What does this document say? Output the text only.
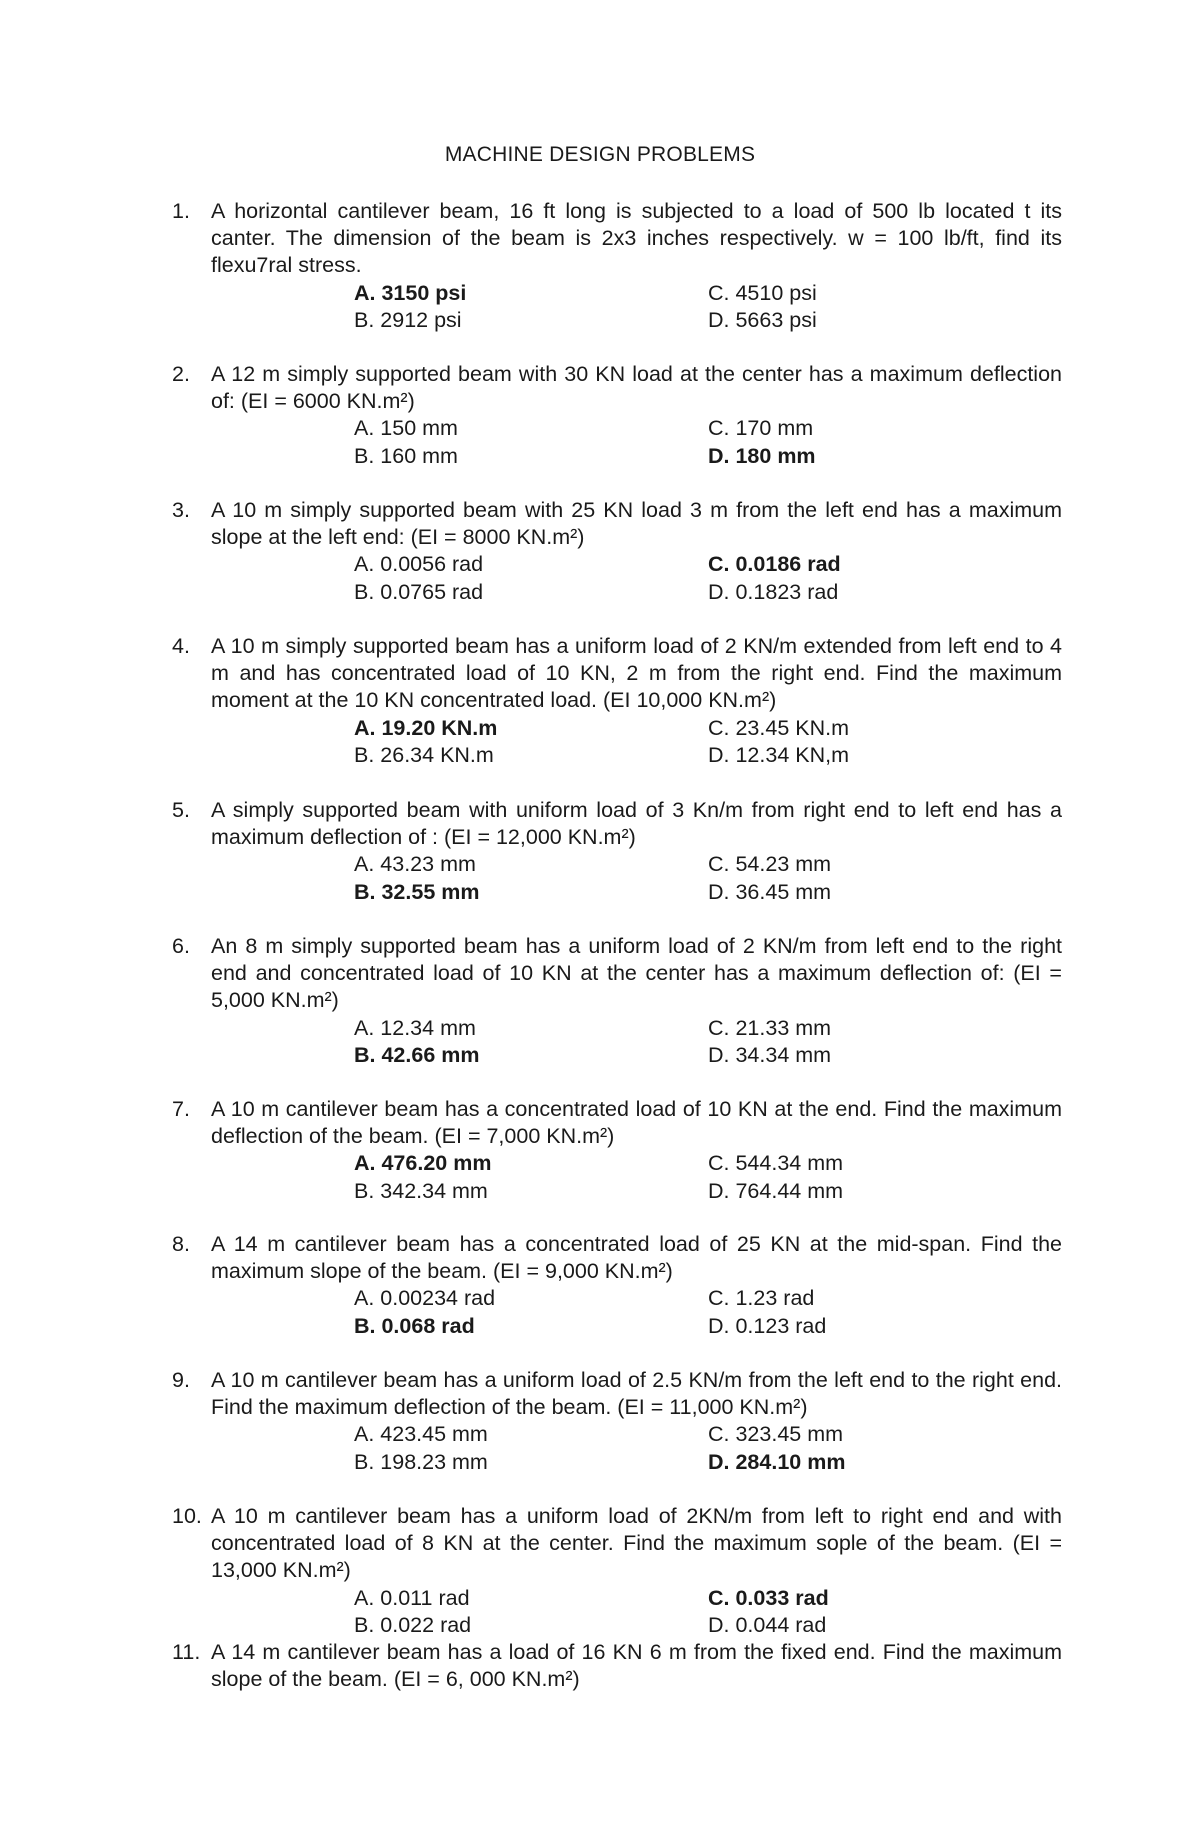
MACHINE DESIGN PROBLEMS
1. A horizontal cantilever beam, 16 ft long is subjected to a load of 500 lb located t its canter. The dimension of the beam is 2x3 inches respectively. w = 100 lb/ft, find its flexu7ral stress.
A. 3150 psi
B. 2912 psi
C. 4510 psi
D. 5663 psi
2. A 12 m simply supported beam with 30 KN load at the center has a maximum deflection of: (EI = 6000 KN.m²)
A. 150 mm
B. 160 mm
C. 170 mm
D. 180 mm
3. A 10 m simply supported beam with 25 KN load 3 m from the left end has a maximum slope at the left end: (EI = 8000 KN.m²)
A. 0.0056 rad
B. 0.0765 rad
C. 0.0186 rad
D. 0.1823 rad
4. A 10 m simply supported beam has a uniform load of 2 KN/m extended from left end to 4 m and has concentrated load of 10 KN, 2 m from the right end. Find the maximum moment at the 10 KN concentrated load. (EI 10,000 KN.m²)
A. 19.20 KN.m
B. 26.34 KN.m
C. 23.45 KN.m
D. 12.34 KN,m
5. A simply supported beam with uniform load of 3 Kn/m from right end to left end has a maximum deflection of : (EI = 12,000 KN.m²)
A. 43.23 mm
B. 32.55 mm
C. 54.23 mm
D. 36.45 mm
6. An 8 m simply supported beam has a uniform load of 2 KN/m from left end to the right end and concentrated load of 10 KN at the center has a maximum deflection of: (EI = 5,000 KN.m²)
A. 12.34 mm
B. 42.66 mm
C. 21.33 mm
D. 34.34 mm
7. A 10 m cantilever beam has a concentrated load of 10 KN at the end. Find the maximum deflection of the beam. (EI = 7,000 KN.m²)
A. 476.20 mm
B. 342.34 mm
C. 544.34 mm
D. 764.44 mm
8. A 14 m cantilever beam has a concentrated load of 25 KN at the mid-span. Find the maximum slope of the beam. (EI = 9,000 KN.m²)
A. 0.00234 rad
B. 0.068 rad
C. 1.23 rad
D. 0.123 rad
9. A 10 m cantilever beam has a uniform load of 2.5 KN/m from the left end to the right end. Find the maximum deflection of the beam. (EI = 11,000 KN.m²)
A. 423.45 mm
B. 198.23 mm
C. 323.45 mm
D. 284.10 mm
10. A 10 m cantilever beam has a uniform load of 2KN/m from left to right end and with concentrated load of 8 KN at the center. Find the maximum sople of the beam. (EI = 13,000 KN.m²)
A. 0.011 rad
B. 0.022 rad
C. 0.033 rad
D. 0.044 rad
11. A 14 m cantilever beam has a load of 16 KN 6 m from the fixed end. Find the maximum slope of the beam. (EI = 6, 000 KN.m²)
